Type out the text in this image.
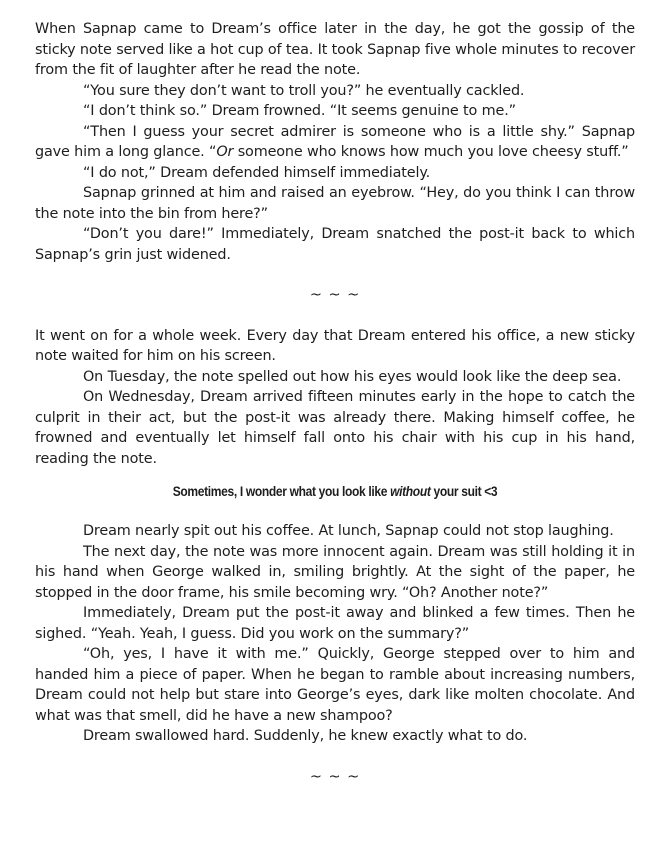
When Sapnap came to Dream’s office later in the day, he got the gossip of the sticky note served like a hot cup of tea. It took Sapnap five whole minutes to recover from the fit of laughter after he read the note.

“You sure they don’t want to troll you?” he eventually cackled.

“I don’t think so.” Dream frowned. “It seems genuine to me.”

“Then I guess your secret admirer is someone who is a little shy.” Sapnap gave him a long glance. “Or someone who knows how much you love cheesy stuff.”

“I do not,” Dream defended himself immediately.

Sapnap grinned at him and raised an eyebrow. “Hey, do you think I can throw the note into the bin from here?”

“Don’t you dare!” Immediately, Dream snatched the post-it back to which Sapnap’s grin just widened.

~ ~ ~

It went on for a whole week. Every day that Dream entered his office, a new sticky note waited for him on his screen.

On Tuesday, the note spelled out how his eyes would look like the deep sea.

On Wednesday, Dream arrived fifteen minutes early in the hope to catch the culprit in their act, but the post-it was already there. Making himself coffee, he frowned and eventually let himself fall onto his chair with his cup in his hand, reading the note.

Sometimes, I wonder what you look like without your suit <3

Dream nearly spit out his coffee. At lunch, Sapnap could not stop laughing.

The next day, the note was more innocent again. Dream was still holding it in his hand when George walked in, smiling brightly. At the sight of the paper, he stopped in the door frame, his smile becoming wry. “Oh? Another note?”

Immediately, Dream put the post-it away and blinked a few times. Then he sighed. “Yeah. Yeah, I guess. Did you work on the summary?”

“Oh, yes, I have it with me.” Quickly, George stepped over to him and handed him a piece of paper. When he began to ramble about increasing numbers, Dream could not help but stare into George’s eyes, dark like molten chocolate. And what was that smell, did he have a new shampoo?

Dream swallowed hard. Suddenly, he knew exactly what to do.

~ ~ ~
